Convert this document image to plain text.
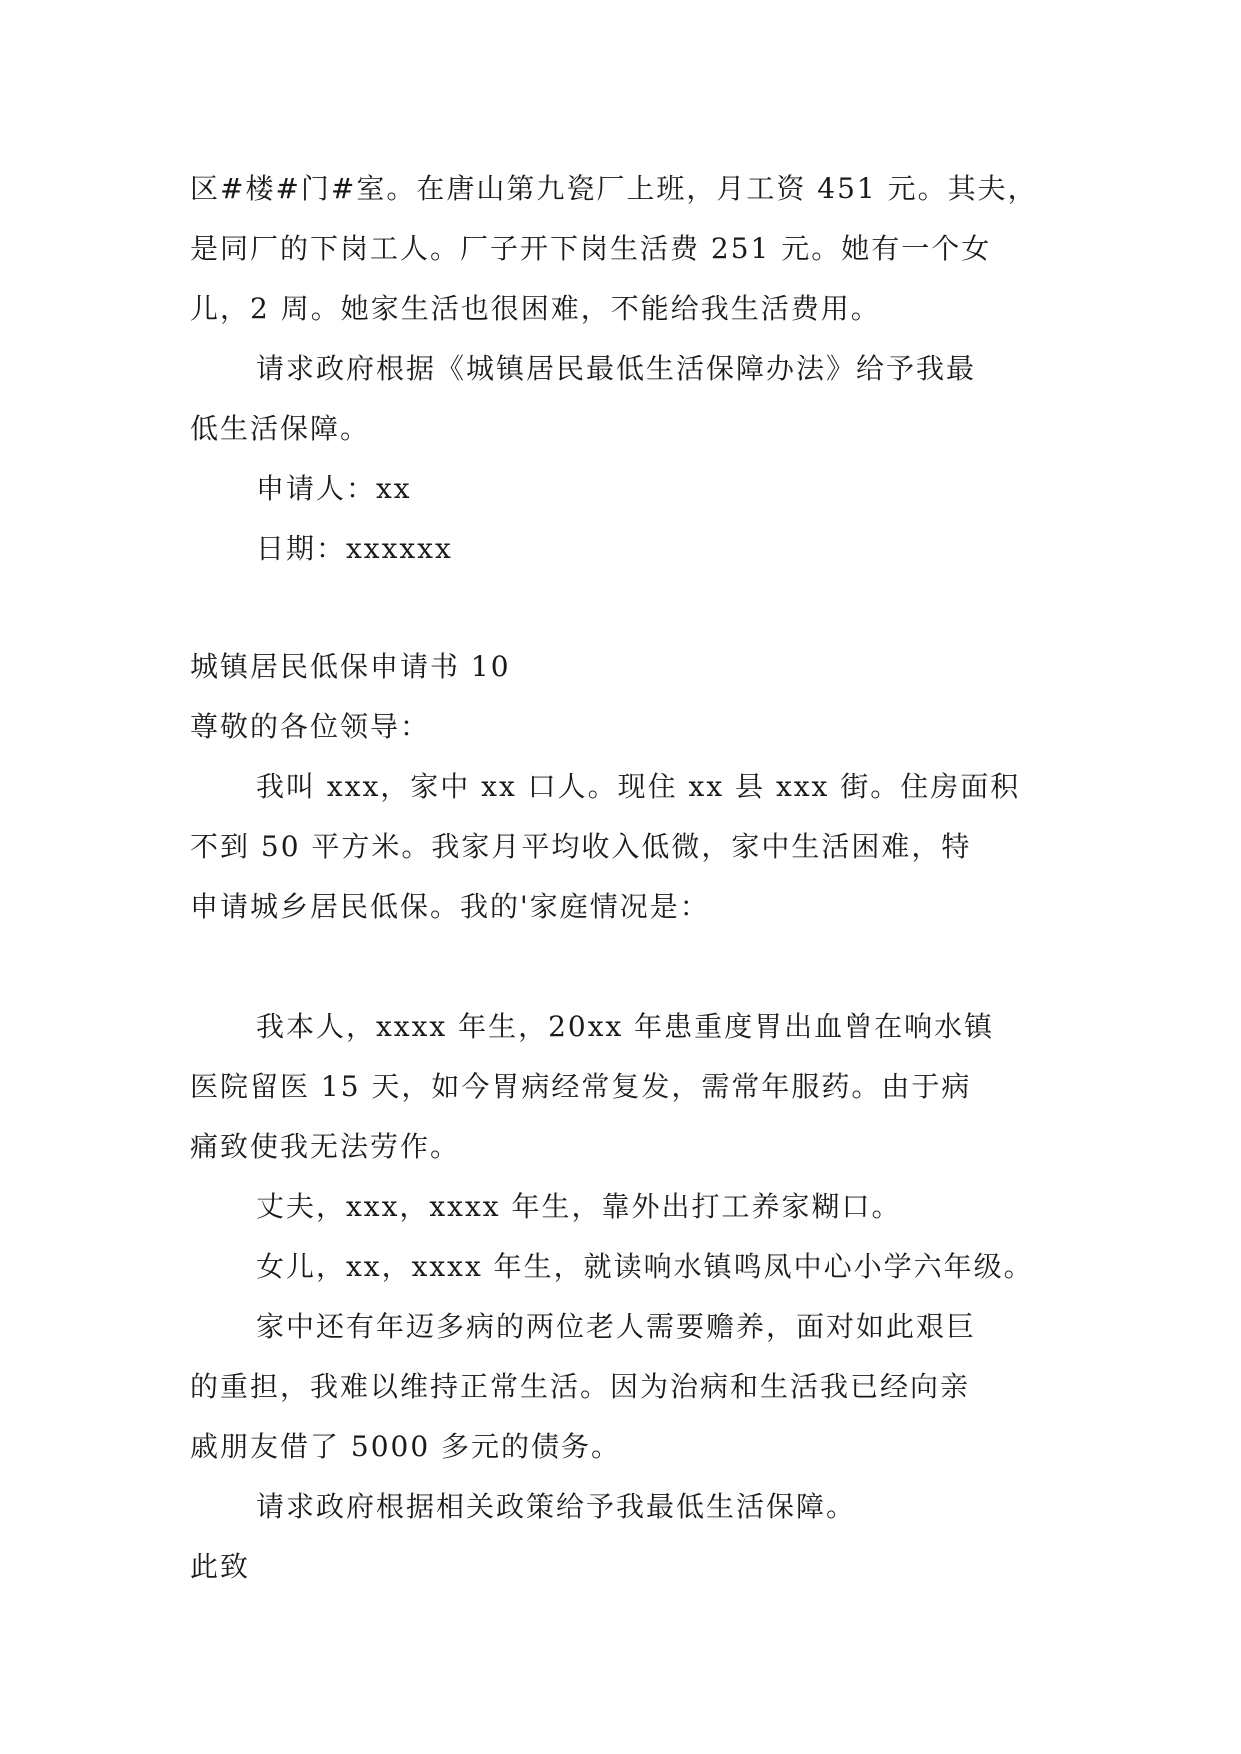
区#楼#门#室。在唐山第九瓷厂上班，月工资 451 元。其夫，
是同厂的下岗工人。厂子开下岗生活费 251 元。她有一个女
儿，2 周。她家生活也很困难，不能给我生活费用。
请求政府根据《城镇居民最低生活保障办法》给予我最
低生活保障。
申请人：xx
日期：xxxxxx
城镇居民低保申请书 10
尊敬的各位领导：
我叫 xxx，家中 xx 口人。现住 xx 县 xxx 街。住房面积
不到 50 平方米。我家月平均收入低微，家中生活困难，特
申请城乡居民低保。我的'家庭情况是：
我本人，xxxx 年生，20xx 年患重度胃出血曾在响水镇
医院留医 15 天，如今胃病经常复发，需常年服药。由于病
痛致使我无法劳作。
丈夫，xxx，xxxx 年生，靠外出打工养家糊口。
女儿，xx，xxxx 年生，就读响水镇鸣凤中心小学六年级。
家中还有年迈多病的两位老人需要赡养，面对如此艰巨
的重担，我难以维持正常生活。因为治病和生活我已经向亲
戚朋友借了 5000 多元的债务。
请求政府根据相关政策给予我最低生活保障。
此致
